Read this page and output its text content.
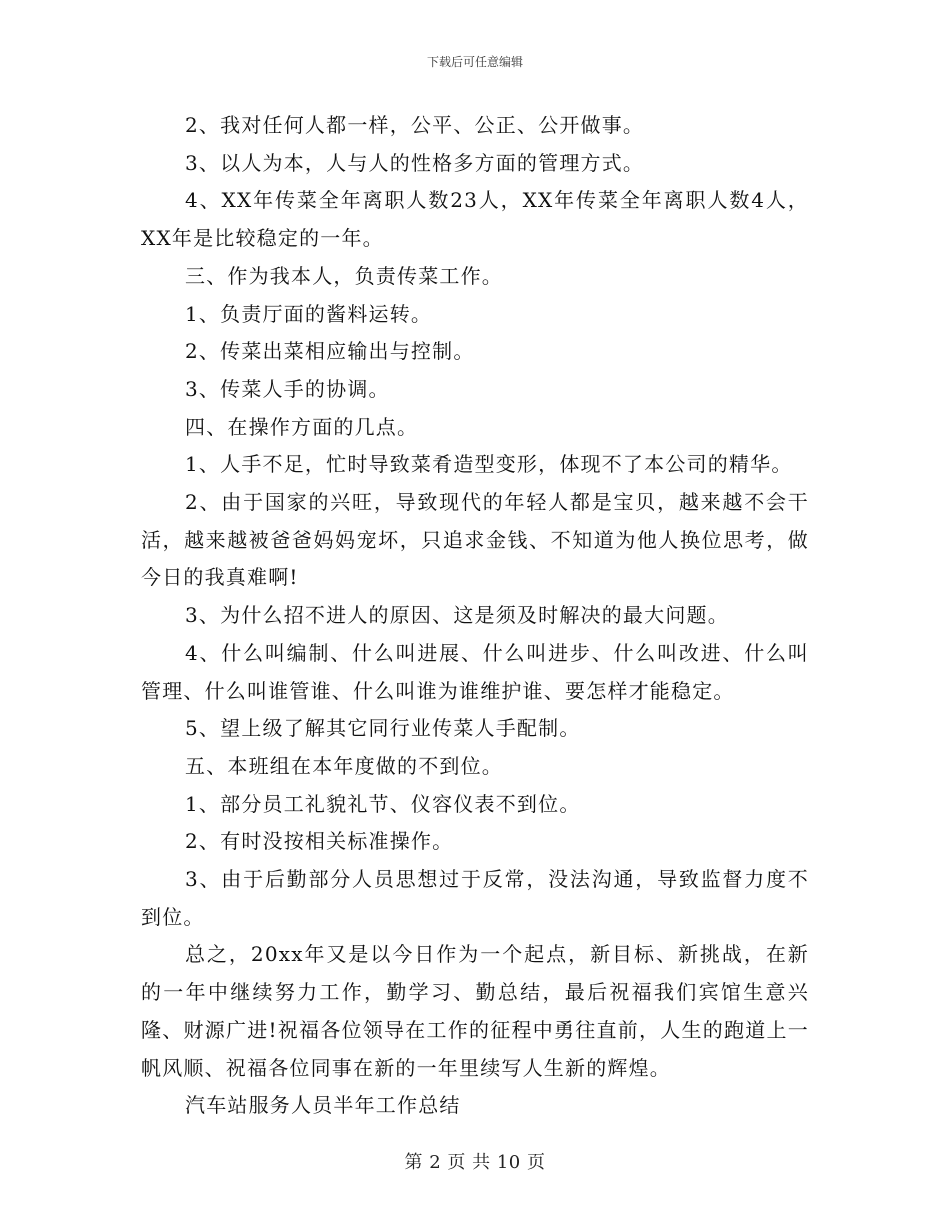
下载后可任意编辑

2、我对任何人都一样，公平、公正、公开做事。

3、以人为本，人与人的性格多方面的管理方式。

4、XX年传菜全年离职人数23人，XX年传菜全年离职人数4人，XX年是比较稳定的一年。

三、作为我本人，负责传菜工作。

1、负责厅面的酱料运转。

2、传菜出菜相应输出与控制。

3、传菜人手的协调。

四、在操作方面的几点。

1、人手不足，忙时导致菜肴造型变形，体现不了本公司的精华。

2、由于国家的兴旺，导致现代的年轻人都是宝贝，越来越不会干活，越来越被爸爸妈妈宠坏，只追求金钱、不知道为他人换位思考，做今日的我真难啊!

3、为什么招不进人的原因、这是须及时解决的最大问题。

4、什么叫编制、什么叫进展、什么叫进步、什么叫改进、什么叫管理、什么叫谁管谁、什么叫谁为谁维护谁、要怎样才能稳定。

5、望上级了解其它同行业传菜人手配制。

五、本班组在本年度做的不到位。

1、部分员工礼貌礼节、仪容仪表不到位。

2、有时没按相关标准操作。

3、由于后勤部分人员思想过于反常，没法沟通，导致监督力度不到位。

总之，20xx年又是以今日作为一个起点，新目标、新挑战，在新的一年中继续努力工作，勤学习、勤总结，最后祝福我们宾馆生意兴隆、财源广进!祝福各位领导在工作的征程中勇往直前，人生的跑道上一帆风顺、祝福各位同事在新的一年里续写人生新的辉煌。

汽车站服务人员半年工作总结

第 2 页 共 10 页
